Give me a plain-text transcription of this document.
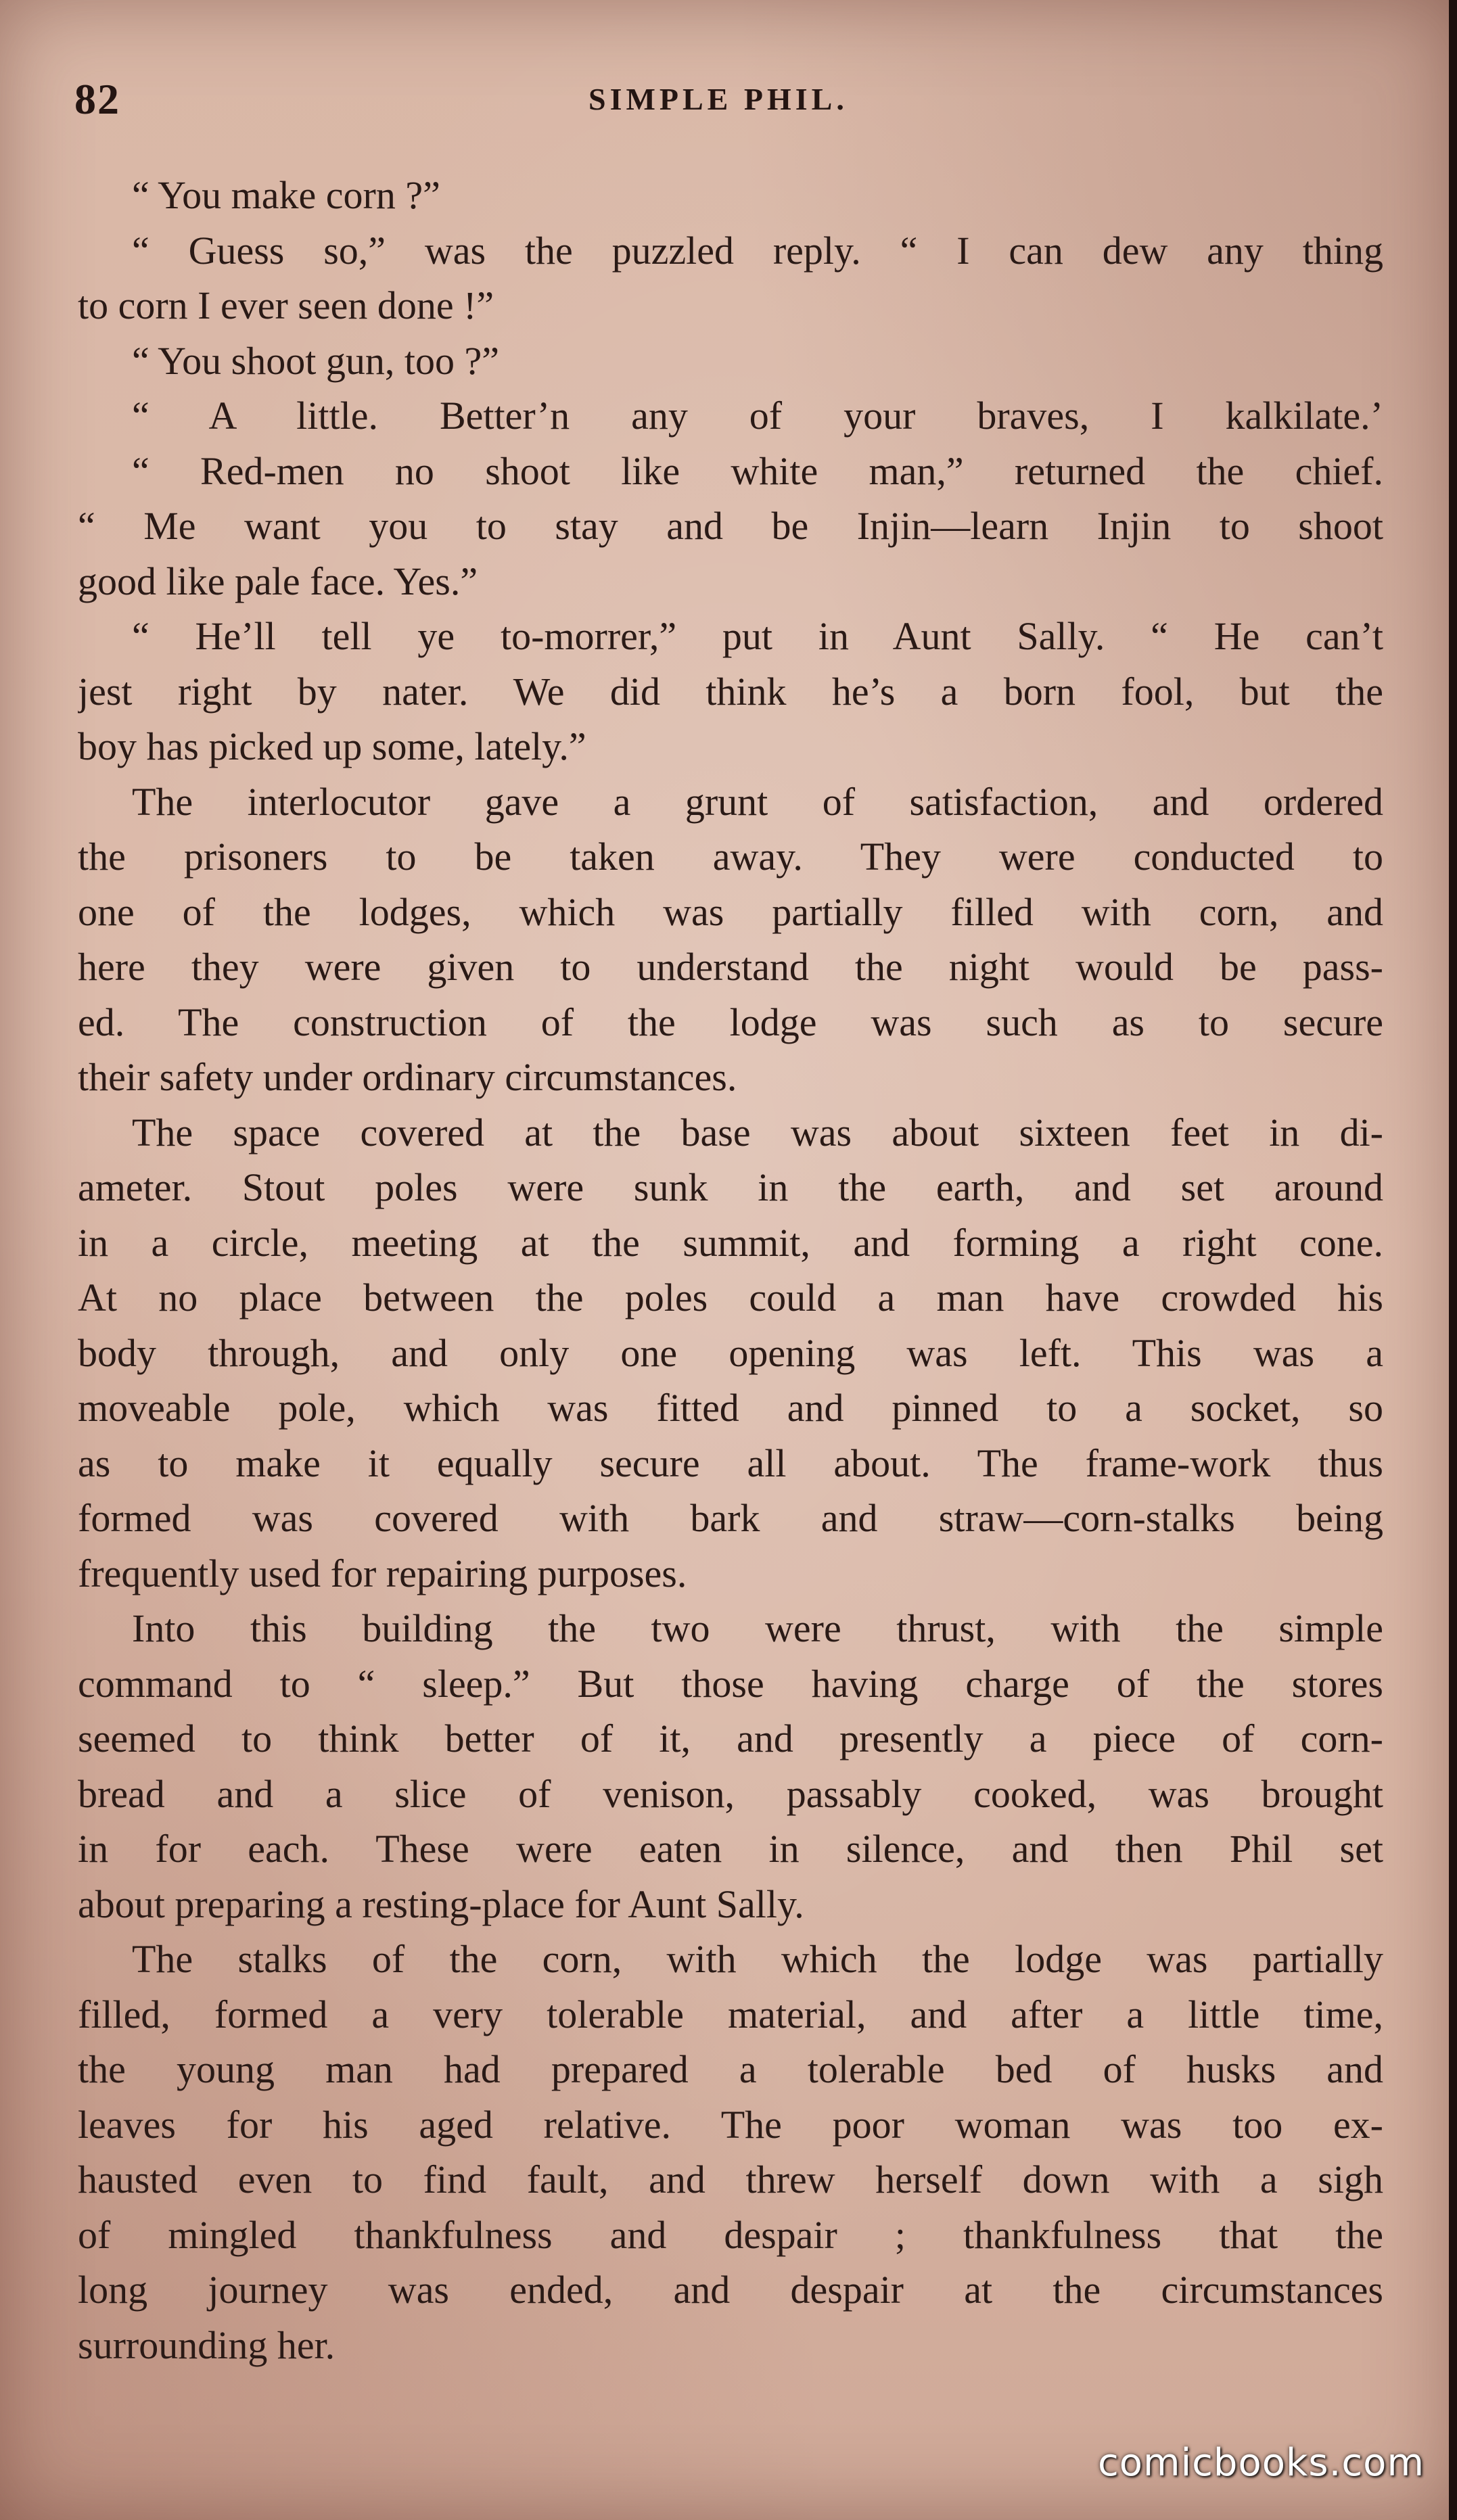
82	SIMPLE PHIL.
“ You make corn ?”
“ Guess so,” was the puzzled reply. “ I can dew any thing
to corn I ever seen done !”
“ You shoot gun, too ?”
“ A little. Better’n any of your braves, I kalkilate.’
“ Red-men no shoot like white man,” returned the chief.
“ Me want you to stay and be Injin—learn Injin to shoot
good like pale face. Yes.”
“ He’ll tell ye to-morrer,” put in Aunt Sally. “ He can’t
jest right by nater. We did think he’s a born fool, but the
boy has picked up some, lately.”
The interlocutor gave a grunt of satisfaction, and ordered
the prisoners to be taken away. They were conducted to
one of the lodges, which was partially filled with corn, and
here they were given to understand the night would be pass-
ed. The construction of the lodge was such as to secure
their safety under ordinary circumstances.
The space covered at the base was about sixteen feet in di-
ameter. Stout poles were sunk in the earth, and set around
in a circle, meeting at the summit, and forming a right cone.
At no place between the poles could a man have crowded his
body through, and only one opening was left. This was a
moveable pole, which was fitted and pinned to a socket, so
as to make it equally secure all about. The frame-work thus
formed was covered with bark and straw—corn-stalks being
frequently used for repairing purposes.
Into this building the two were thrust, with the simple
command to “ sleep.” But those having charge of the stores
seemed to think better of it, and presently a piece of corn-
bread and a slice of venison, passably cooked, was brought
in for each. These were eaten in silence, and then Phil set
about preparing a resting-place for Aunt Sally.
The stalks of the corn, with which the lodge was partially
filled, formed a very tolerable material, and after a little time,
the young man had prepared a tolerable bed of husks and
leaves for his aged relative. The poor woman was too ex-
hausted even to find fault, and threw herself down with a sigh
of mingled thankfulness and despair ; thankfulness that the
long journey was ended, and despair at the circumstances
surrounding her.
comicbooks.com
